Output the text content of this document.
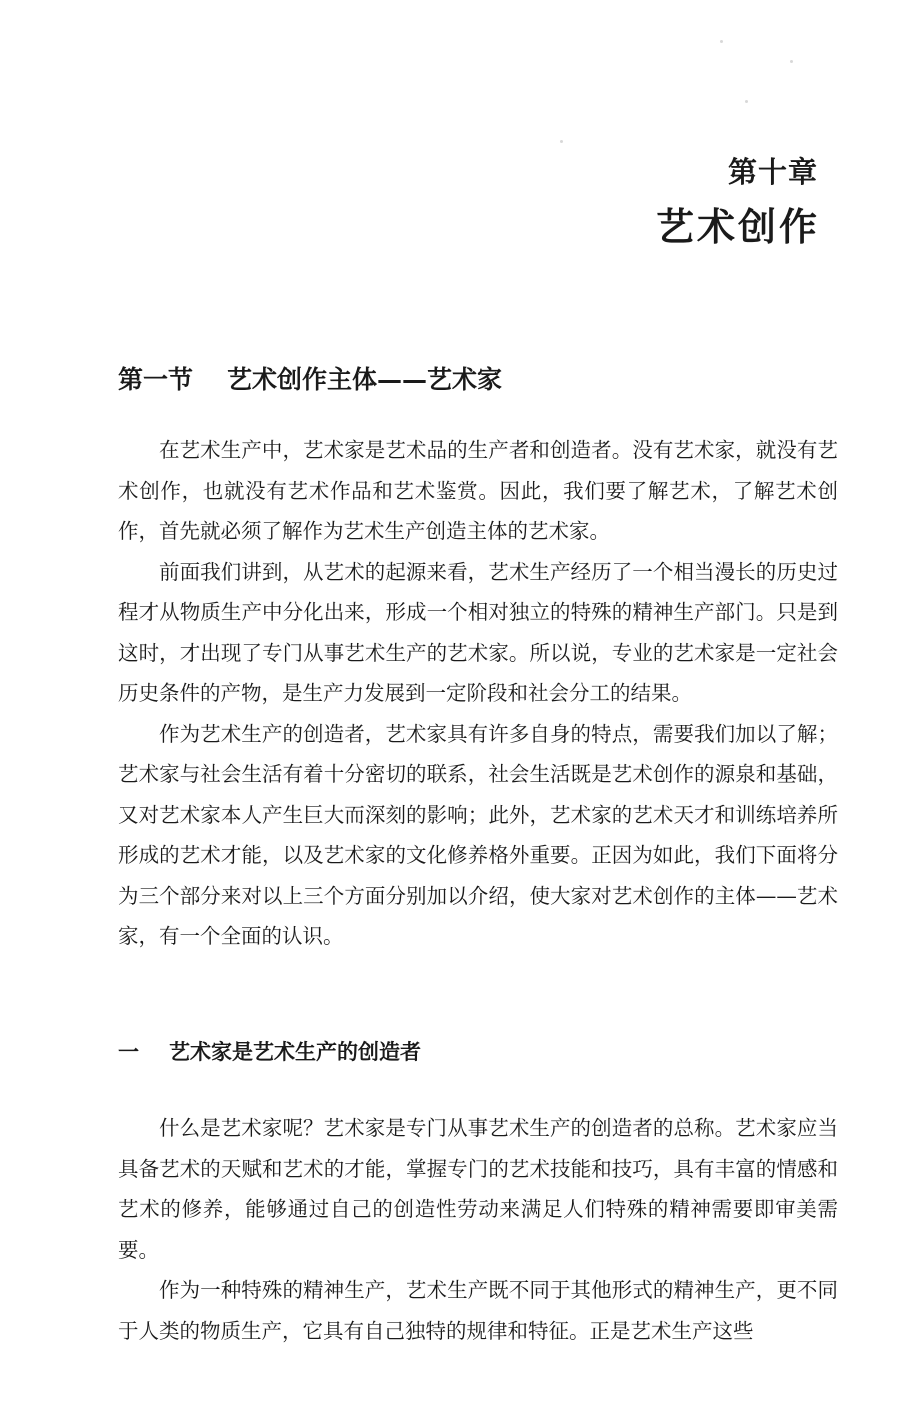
第十章
艺术创作
第一节 艺术创作主体——艺术家

在艺术生产中，艺术家是艺术品的生产者和创造者。没有艺术家，就没有艺术创作，也就没有艺术作品和艺术鉴赏。因此，我们要了解艺术，了解艺术创作，首先就必须了解作为艺术生产创造主体的艺术家。

前面我们讲到，从艺术的起源来看，艺术生产经历了一个相当漫长的历史过程才从物质生产中分化出来，形成一个相对独立的特殊的精神生产部门。只是到这时，才出现了专门从事艺术生产的艺术家。所以说，专业的艺术家是一定社会历史条件的产物，是生产力发展到一定阶段和社会分工的结果。

作为艺术生产的创造者，艺术家具有许多自身的特点，需要我们加以了解；艺术家与社会生活有着十分密切的联系，社会生活既是艺术创作的源泉和基础，又对艺术家本人产生巨大而深刻的影响；此外，艺术家的艺术天才和训练培养所形成的艺术才能，以及艺术家的文化修养格外重要。正因为如此，我们下面将分为三个部分来对以上三个方面分别加以介绍，使大家对艺术创作的主体——艺术家，有一个全面的认识。

一 艺术家是艺术生产的创造者

什么是艺术家呢？艺术家是专门从事艺术生产的创造者的总称。艺术家应当具备艺术的天赋和艺术的才能，掌握专门的艺术技能和技巧，具有丰富的情感和艺术的修养，能够通过自己的创造性劳动来满足人们特殊的精神需要即审美需要。

作为一种特殊的精神生产，艺术生产既不同于其他形式的精神生产，更不同于人类的物质生产，它具有自己独特的规律和特征。正是艺术生产这些
